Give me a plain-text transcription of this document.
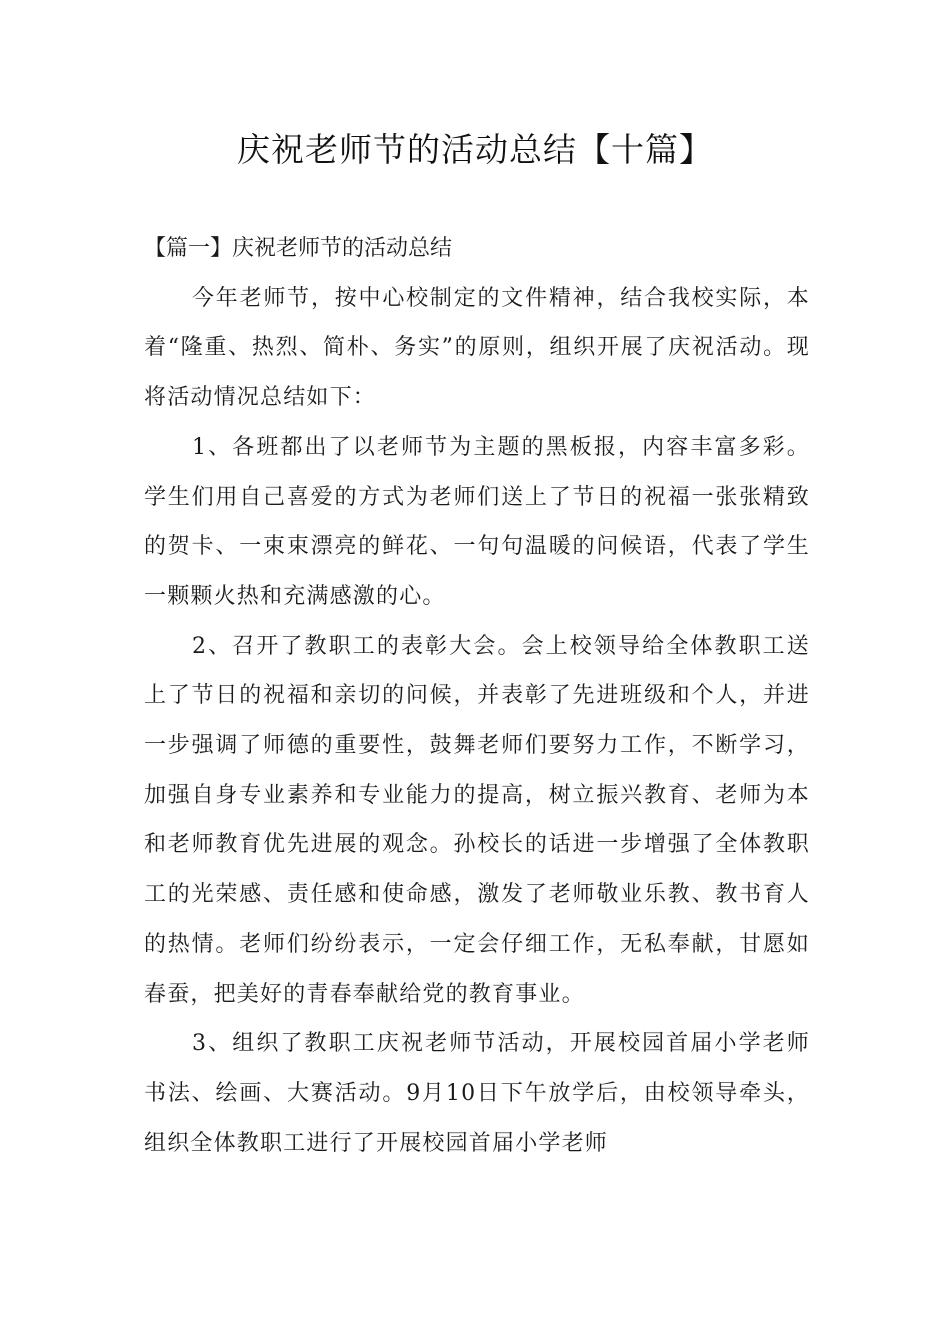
庆祝老师节的活动总结【十篇】

【篇一】庆祝老师节的活动总结

今年老师节，按中心校制定的文件精神，结合我校实际，本着“隆重、热烈、简朴、务实”的原则，组织开展了庆祝活动。现将活动情况总结如下：

1、各班都出了以老师节为主题的黑板报，内容丰富多彩。学生们用自己喜爱的方式为老师们送上了节日的祝福一张张精致的贺卡、一束束漂亮的鲜花、一句句温暖的问候语，代表了学生一颗颗火热和充满感激的心。

2、召开了教职工的表彰大会。会上校领导给全体教职工送上了节日的祝福和亲切的问候，并表彰了先进班级和个人，并进一步强调了师德的重要性，鼓舞老师们要努力工作，不断学习，加强自身专业素养和专业能力的提高，树立振兴教育、老师为本和老师教育优先进展的观念。孙校长的话进一步增强了全体教职工的光荣感、责任感和使命感，激发了老师敬业乐教、教书育人的热情。老师们纷纷表示，一定会仔细工作，无私奉献，甘愿如春蚕，把美好的青春奉献给党的教育事业。

3、组织了教职工庆祝老师节活动，开展校园首届小学老师书法、绘画、大赛活动。9月10日下午放学后，由校领导牵头，组织全体教职工进行了开展校园首届小学老师
